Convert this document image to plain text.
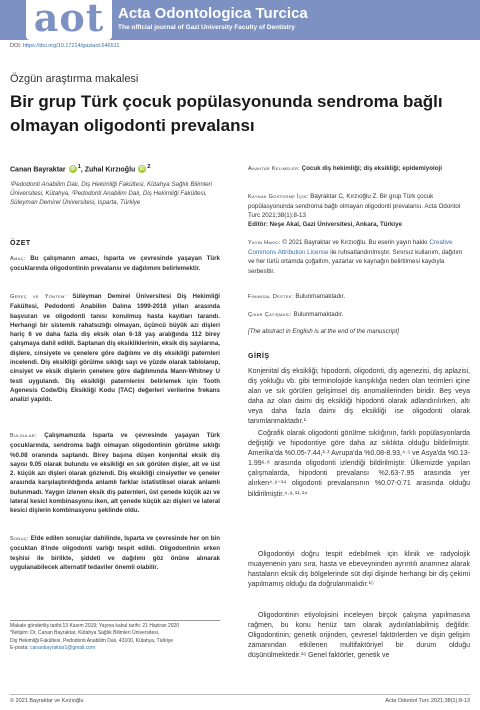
aot Acta Odontologica Turcica
The official journal of Gazi University Faculty of Dentistry
DOI: https://doi.org/10.17214/gaziaot.646511
Özgün araştırma makalesi
Bir grup Türk çocuk popülasyonunda sendroma bağlı olmayan oligodonti prevalansı
Canan Bayraktar iD $^1$, Zuhal Kırzıoğlu iD $^2$
¹Pedodonti Anabilim Dalı, Diş Hekimliği Fakültesi, Kütahya Sağlık Bilimleri Üniversitesi, Kütahya, ²Pedodonti Anabilim Dalı, Diş Hekimliği Fakültesi, Süleyman Demirel Üniversitesi, Isparta, Türkiye
ÖZET
Amaç: Bu çalışmanın amacı, Isparta ve çevresinde yaşayan Türk çocuklarında oligodontinin prevalansı ve dağılımını belirlemektir.
Gereç ve Yöntem: Süleyman Demirel Üniversitesi Diş Hekimliği Fakültesi, Pedodonti Anabilim Dalına 1999-2018 yılları arasında başvuran ve oligodonti tanısı konulmuş hasta kayıtları tarandı. Herhangi bir sistemik rahatsızlığı olmayan, üçüncü büyük azı dişleri hariç 6 ve daha fazla diş eksik olan 6-18 yaş aralığında 112 birey çalışmaya dahil edildi. Saptanan diş eksikliklerinin, eksik diş sayılarına, dişlere, cinsiyete ve çenelere göre dağılımı ve diş eksikliği paternleri incelendi. Diş eksikliği görülme sıklığı sayı ve yüzde olarak tablolanıp, cinsiyet ve eksik dişlerin çenelere göre dağılımında Mann-Whitney U testi uygulandı. Diş eksikliği paternlerini belirlemek için Tooth Agenesis Code/Diş Eksikliği Kodu (TAC) değerleri verilerine frekans analizi yapıldı.
Bulgular: Çalışmamızda Isparta ve çevresinde yaşayan Türk çocuklarında, sendroma bağlı olmayan oligodontinin görülme sıklığı %0.08 oranında saptandı. Birey başına düşen konjenital eksik diş sayısı 9.05 olarak bulundu ve eksikliği en sık görülen dişler, alt ve üst 2. küçük azı dişleri olarak gözlendi. Diş eksikliği cinsiyetler ve çeneler arasında karşılaştırıldığında anlamlı farklar istatistiksel olarak anlamlı bulunmadı. Yaygın izlenen eksik diş paternleri, üst çenede küçük azı ve lateral kesici kombinasyonu iken, alt çenede küçük azı dişleri ve lateral kesici dişlerin kombinasyonu şeklinde oldu.
Sonuç: Elde edilen sonuçlar dahilinde, Isparta ve çevresinde her on bin çocuktan 8'inde oligodonti varlığı tespit edildi. Oligodontinin erken teşhisi ile birlikte, şiddeti ve dağılımı göz önüne alınarak uygulanabilecek alternatif tedaviler önemli olabilir.
Makale gönderiliş tarihi:13 Kasım 2019; Yayına kabul tarihi: 21 Haziran 2020
*İletişim: Dr. Canan Bayraktar, Kütahya Sağlık Bilimleri Üniversitesi,
Diş Hekimliği Fakültesi, Pedodonti Anabilim Dalı, 43100, Kütahya, Türkiye
E-posta: cananbayraktar1@gmail.com
Anahtar Kelimeler: Çocuk diş hekimliği; diş eksikliği; epidemiyoloji
Kaynak Gösterme İçin: Bayraktar C, Kırzıoğlu Z. Bir grup Türk çocuk popülasyonunda sendroma bağlı olmayan oligodonti prevalansı. Acta Odontol Turc 2021;38(1):8-13
Editör: Neşe Akal, Gazi Üniversitesi, Ankara, Türkiye
Yayın Hakkı: © 2021 Bayraktar ve Kırzıoğlu. Bu eserin yayın hakkı Creative Commons Attribution License ile ruhsatlandırılmıştır. Sınırsız kullanım, dağıtım ve her türlü ortamda çoğaltım, yazarlar ve kaynağın belirtilmesi kaydıyla serbesttir.
Finansal Destek: Bulunmamaktadır.
Çıkar Çatışması: Bulunmamaktadır.
[The abstract in English is at the end of the manuscript]
GİRİŞ
Konjenital diş eksikliği; hipodonti, oligodonti, diş agenezisi, diş aplazisi, diş yokluğu vb. gibi terminolojide karışıklığa neden olan terimleri içine alan ve sık görülen gelişimsel diş anomalilerinden biridir. Beş veya daha az olan daimi diş eksikliği hipodonti olarak adlandırılırken, altı veya daha fazla daimi diş eksikliği ise oligodonti olarak tanımlanmaktadır.¹
Coğrafik olarak oligodonti görülme sıklığının, farklı popülasyonlarda değiştiği ve hipodontiye göre daha az sıklıkta olduğu bildirilmiştir. Amerika'da %0.05-7.44,²·³ Avrupa'da %0.08-8.93,⁴·⁵ ve Asya'da %0.13-1.99⁶·⁸ arasında oligodonti izlendiği bildirilmiştir. Ülkemizde yapılan çalışmalarda, hipodonti prevalansı %2.63-7.95 arasında yer alırken⁴·⁹⁻¹⁴ oligodonti prevalansının %0.07-0.71 arasında olduğu bildirilmiştir.⁴·⁹·¹¹·¹⁴
Oligodontiyi doğru tespit edebilmek için klinik ve radyolojik muayenenin yanı sıra, hasta ve ebeveyninden ayrıntılı anamnez alarak hastaların eksik diş bölgelerinde süt dişi dişinde herhangi bir diş çekimi yapılmamış olduğu da doğrulanmalıdır.¹⁵
Oligodontinin etiyolojisini inceleyen birçok çalışma yapılmasına rağmen, bu konu henüz tam olarak aydınlatılabilmiş değildir. Oligodontinin; genetik orijinden, çevresel faktörlerden ve dişin gelişim zamanından etkilenen multifaktöriyel bir durum olduğu düşünülmektedir.¹⁶ Genel faktörler, genetik ve
© 2021 Bayraktar ve Kırzıoğlu	Acta Odontol Turc 2021;38(1):8-13
